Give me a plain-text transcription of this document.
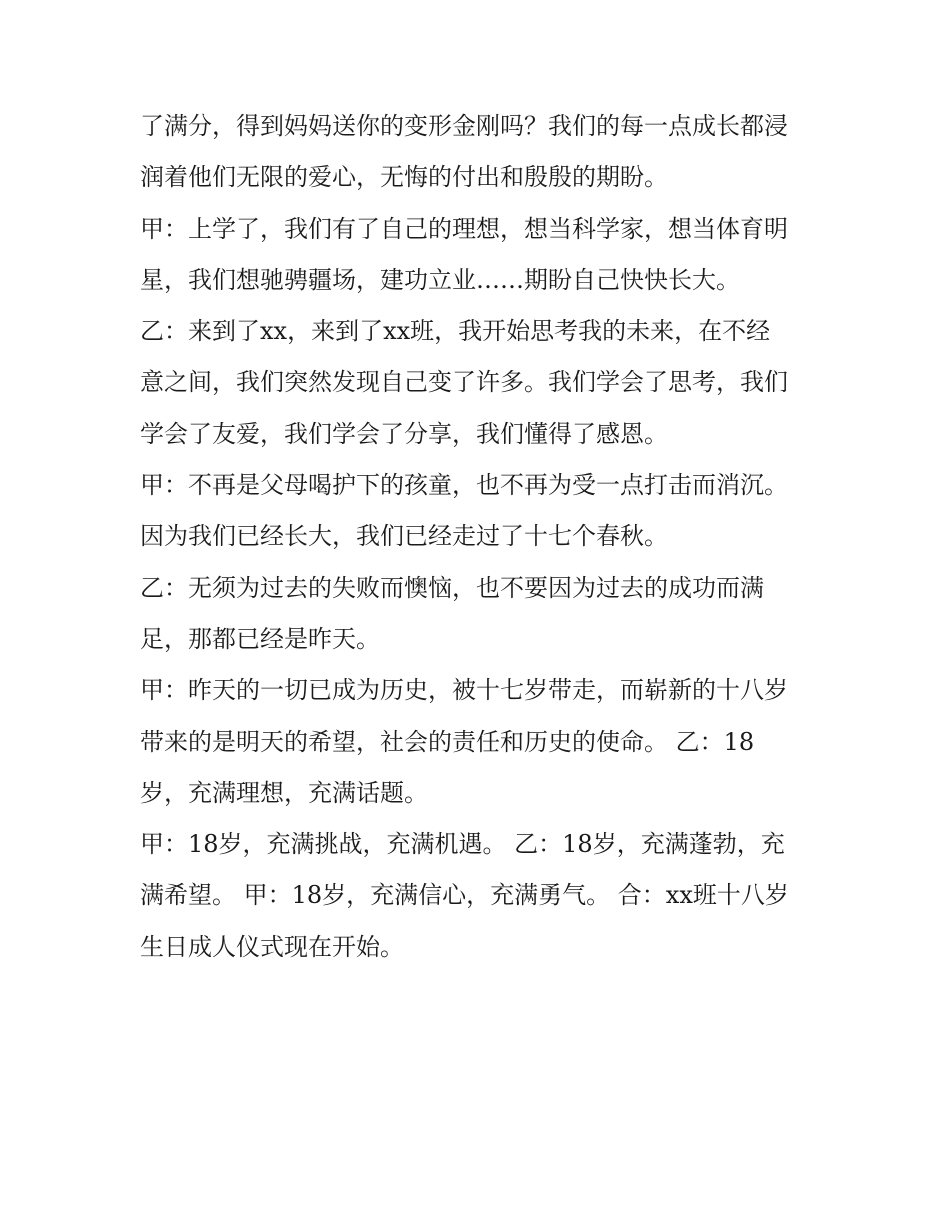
了满分，得到妈妈送你的变形金刚吗？我们的每一点成长都浸
润着他们无限的爱心，无悔的付出和殷殷的期盼。
甲：上学了，我们有了自己的理想，想当科学家，想当体育明
星，我们想驰骋疆场，建功立业……期盼自己快快长大。
乙：来到了xx，来到了xx班，我开始思考我的未来，在不经
意之间，我们突然发现自己变了许多。我们学会了思考，我们
学会了友爱，我们学会了分享，我们懂得了感恩。
甲：不再是父母喝护下的孩童，也不再为受一点打击而消沉。
因为我们已经长大，我们已经走过了十七个春秋。
乙：无须为过去的失败而懊恼，也不要因为过去的成功而满
足，那都已经是昨天。
甲：昨天的一切已成为历史，被十七岁带走，而崭新的十八岁
带来的是明天的希望，社会的责任和历史的使命。 乙：18
岁，充满理想，充满话题。
甲：18岁，充满挑战，充满机遇。 乙：18岁，充满蓬勃，充
满希望。 甲：18岁，充满信心，充满勇气。 合：xx班十八岁
生日成人仪式现在开始。
